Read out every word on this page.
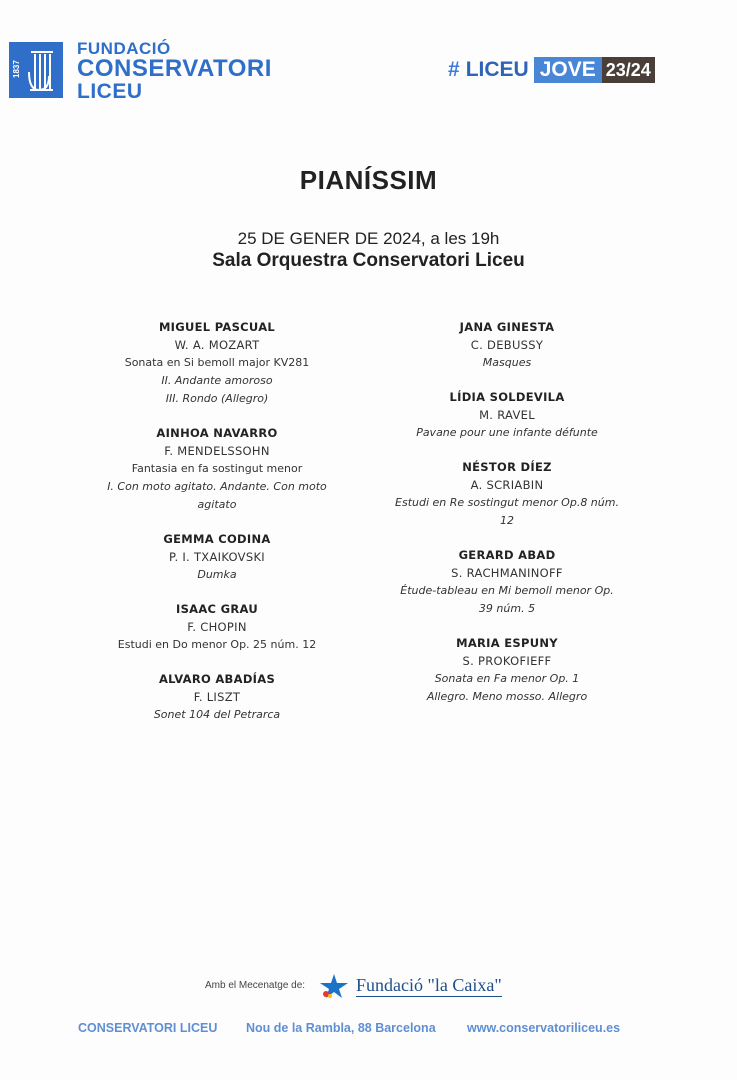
1837
FUNDACIÓ
CONSERVATORI
LICEU
# LICEU JOVE 23/24
PIANÍSSIM
25 DE GENER DE 2024, a les 19h
Sala Orquestra Conservatori Liceu
MIGUEL PASCUAL
W. A. MOZART
Sonata en Si bemoll major KV281
II. Andante amoroso
III. Rondo (Allegro)
AINHOA NAVARRO
F. MENDELSSOHN
Fantasia en fa sostingut menor
I. Con moto agitato. Andante. Con moto
agitato
GEMMA CODINA
P. I. TXAIKOVSKI
Dumka
ISAAC GRAU
F. CHOPIN
Estudi en Do menor Op. 25 núm. 12
ALVARO ABADÍAS
F. LISZT
Sonet 104 del Petrarca
JANA GINESTA
C. DEBUSSY
Masques
LÍDIA SOLDEVILA
M. RAVEL
Pavane pour une infante défunte
NÉSTOR DÍEZ
A. SCRIABIN
Estudi en Re sostingut menor Op.8 núm.
12
GERARD ABAD
S. RACHMANINOFF
Étude-tableau en Mi bemoll menor Op.
39 núm. 5
MARIA ESPUNY
S. PROKOFIEFF
Sonata en Fa menor Op. 1
Allegro. Meno mosso. Allegro
Amb el Mecenatge de:	Fundació "la Caixa"
CONSERVATORI LICEU Nou de la Rambla, 88 Barcelona	www.conservatoriliceu.es
